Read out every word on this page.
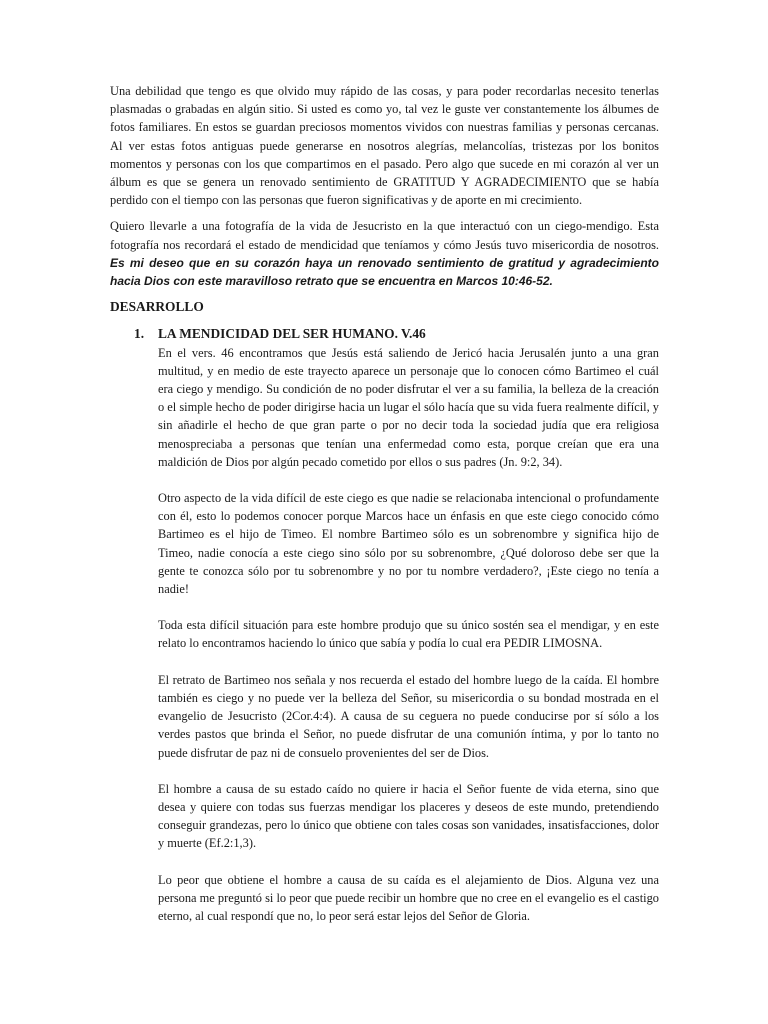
Una debilidad que tengo es que olvido muy rápido de las cosas, y para poder recordarlas necesito tenerlas plasmadas o grabadas en algún sitio. Si usted es como yo, tal vez le guste ver constantemente los álbumes de fotos familiares. En estos se guardan preciosos momentos vividos con nuestras familias y personas cercanas. Al ver estas fotos antiguas puede generarse en nosotros alegrías, melancolías, tristezas por los bonitos momentos y personas con los que compartimos en el pasado. Pero algo que sucede en mi corazón al ver un álbum es que se genera un renovado sentimiento de GRATITUD Y AGRADECIMIENTO que se había perdido con el tiempo con las personas que fueron significativas y de aporte en mi crecimiento.

Quiero llevarle a una fotografía de la vida de Jesucristo en la que interactuó con un ciego-mendigo. Esta fotografía nos recordará el estado de mendicidad que teníamos y cómo Jesús tuvo misericordia de nosotros. Es mi deseo que en su corazón haya un renovado sentimiento de gratitud y agradecimiento hacia Dios con este maravilloso retrato que se encuentra en Marcos 10:46-52.

DESARROLLO
1.	LA MENDICIDAD DEL SER HUMANO. V.46

En el vers. 46 encontramos que Jesús está saliendo de Jericó hacia Jerusalén junto a una gran multitud, y en medio de este trayecto aparece un personaje que lo conocen cómo Bartimeo el cuál era ciego y mendigo. Su condición de no poder disfrutar el ver a su familia, la belleza de la creación o el simple hecho de poder dirigirse hacia un lugar el sólo hacía que su vida fuera realmente difícil, y sin añadirle el hecho de que gran parte o por no decir toda la sociedad judía que era religiosa menospreciaba a personas que tenían una enfermedad como esta, porque creían que era una maldición de Dios por algún pecado cometido por ellos o sus padres (Jn. 9:2, 34).

Otro aspecto de la vida difícil de este ciego es que nadie se relacionaba intencional o profundamente con él, esto lo podemos conocer porque Marcos hace un énfasis en que este ciego conocido cómo Bartimeo es el hijo de Timeo. El nombre Bartimeo sólo es un sobrenombre y significa hijo de Timeo, nadie conocía a este ciego sino sólo por su sobrenombre, ¿Qué doloroso debe ser que la gente te conozca sólo por tu sobrenombre y no por tu nombre verdadero?, ¡Este ciego no tenía a nadie!

Toda esta difícil situación para este hombre produjo que su único sostén sea el mendigar, y en este relato lo encontramos haciendo lo único que sabía y podía lo cual era PEDIR LIMOSNA.

El retrato de Bartimeo nos señala y nos recuerda el estado del hombre luego de la caída. El hombre también es ciego y no puede ver la belleza del Señor, su misericordia o su bondad mostrada en el evangelio de Jesucristo (2Cor.4:4). A causa de su ceguera no puede conducirse por sí sólo a los verdes pastos que brinda el Señor, no puede disfrutar de una comunión íntima, y por lo tanto no puede disfrutar de paz ni de consuelo provenientes del ser de Dios.

El hombre a causa de su estado caído no quiere ir hacia el Señor fuente de vida eterna, sino que desea y quiere con todas sus fuerzas mendigar los placeres y deseos de este mundo, pretendiendo conseguir grandezas, pero lo único que obtiene con tales cosas son vanidades, insatisfacciones, dolor y muerte (Ef.2:1,3).

Lo peor que obtiene el hombre a causa de su caída es el alejamiento de Dios. Alguna vez una persona me preguntó si lo peor que puede recibir un hombre que no cree en el evangelio es el castigo eterno, al cual respondí que no, lo peor será estar lejos del Señor de Gloria.
